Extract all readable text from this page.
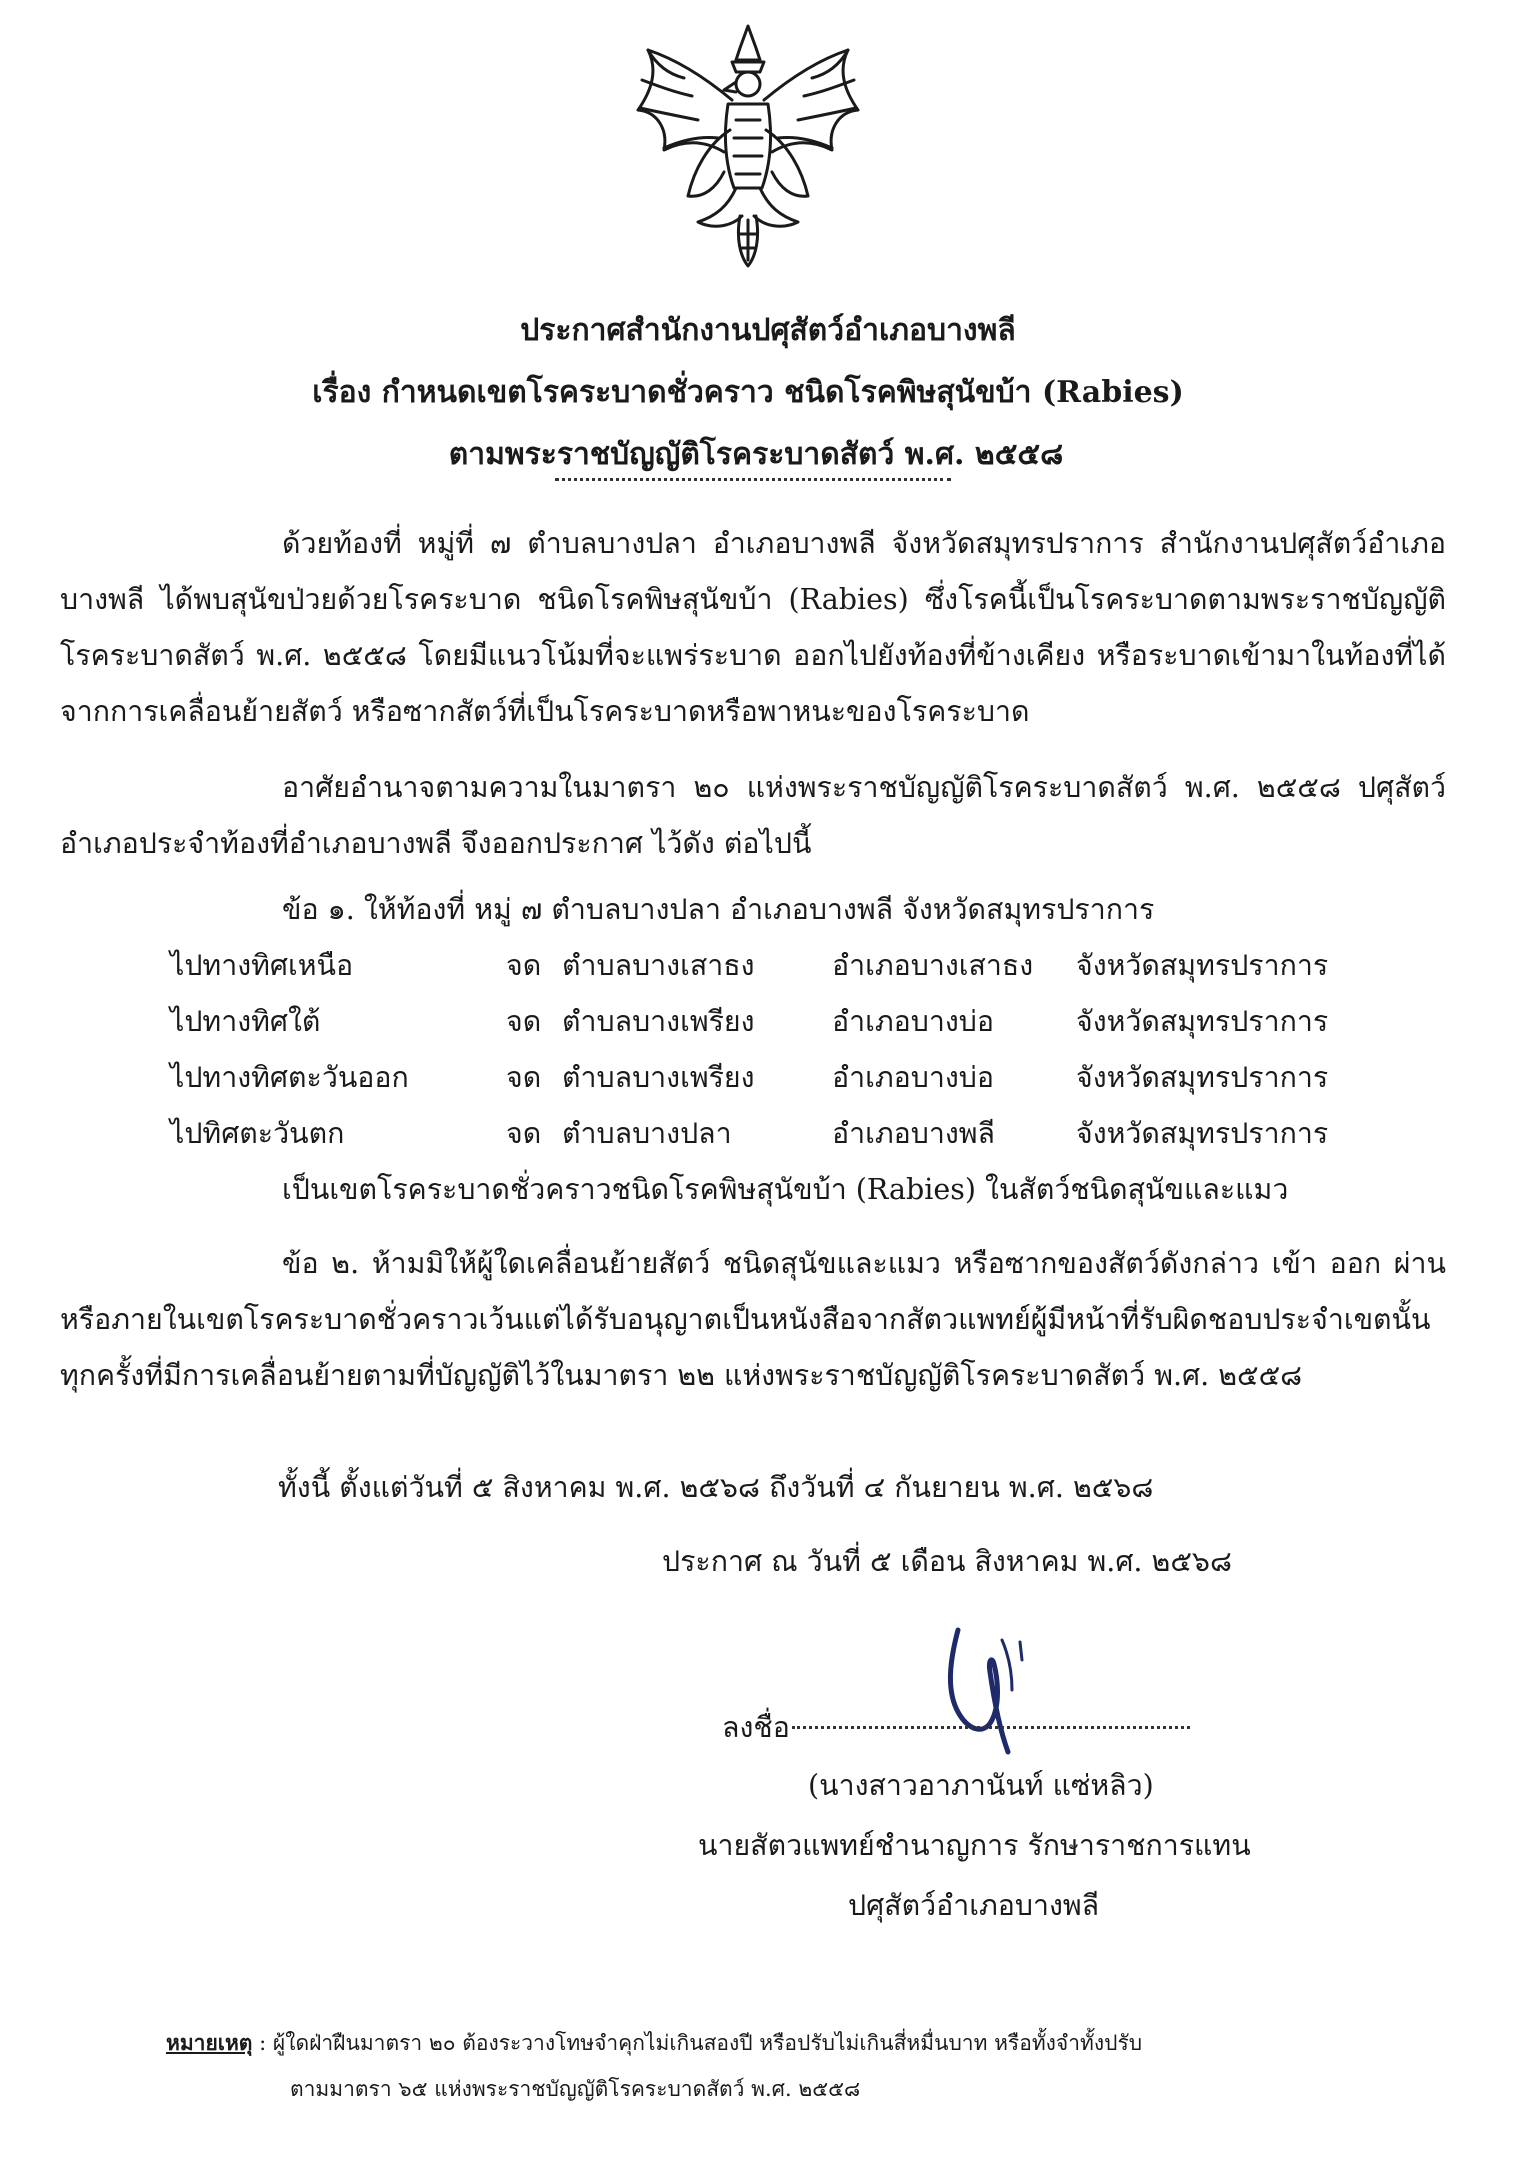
ประกาศสำนักงานปศุสัตว์อำเภอบางพลี
เรื่อง กำหนดเขตโรคระบาดชั่วคราว ชนิดโรคพิษสุนัขบ้า (Rabies)
ตามพระราชบัญญัติโรคระบาดสัตว์ พ.ศ. ๒๕๕๘
ด้วยท้องที่ หมู่ที่ ๗ ตำบลบางปลา อำเภอบางพลี จังหวัดสมุทรปราการ สำนักงานปศุสัตว์อำเภอบางพลี ได้พบสุนัขป่วยด้วยโรคระบาด ชนิดโรคพิษสุนัขบ้า (Rabies) ซึ่งโรคนี้เป็นโรคระบาดตามพระราชบัญญัติโรคระบาดสัตว์ พ.ศ. ๒๕๕๘ โดยมีแนวโน้มที่จะแพร่ระบาด ออกไปยังท้องที่ข้างเคียง หรือระบาดเข้ามาในท้องที่ได้จากการเคลื่อนย้ายสัตว์ หรือซากสัตว์ที่เป็นโรคระบาดหรือพาหนะของโรคระบาด
อาศัยอำนาจตามความในมาตรา ๒๐ แห่งพระราชบัญญัติโรคระบาดสัตว์ พ.ศ. ๒๕๕๘ ปศุสัตว์อำเภอประจำท้องที่อำเภอบางพลี จึงออกประกาศ ไว้ดัง ต่อไปนี้
ข้อ ๑. ให้ท้องที่ หมู่ ๗ ตำบลบางปลา อำเภอบางพลี จังหวัดสมุทรปราการ
ไปทางทิศเหนือ	จด ตำบลบางเสาธง	อำเภอบางเสาธง จังหวัดสมุทรปราการ
ไปทางทิศใต้	จด ตำบลบางเพรียง	อำเภอบางบ่อ	จังหวัดสมุทรปราการ
ไปทางทิศตะวันออก	จด ตำบลบางเพรียง	อำเภอบางบ่อ	จังหวัดสมุทรปราการ
ไปทิศตะวันตก	จด ตำบลบางปลา	อำเภอบางพลี	จังหวัดสมุทรปราการ
เป็นเขตโรคระบาดชั่วคราวชนิดโรคพิษสุนัขบ้า (Rabies) ในสัตว์ชนิดสุนัขและแมว
ข้อ ๒. ห้ามมิให้ผู้ใดเคลื่อนย้ายสัตว์ ชนิดสุนัขและแมว หรือซากของสัตว์ดังกล่าว เข้า ออก ผ่าน หรือภายในเขตโรคระบาดชั่วคราวเว้นแต่ได้รับอนุญาตเป็นหนังสือจากสัตวแพทย์ผู้มีหน้าที่รับผิดชอบประจำเขตนั้นทุกครั้งที่มีการเคลื่อนย้ายตามที่บัญญัติไว้ในมาตรา ๒๒ แห่งพระราชบัญญัติโรคระบาดสัตว์ พ.ศ. ๒๕๕๘
ทั้งนี้ ตั้งแต่วันที่ ๕ สิงหาคม พ.ศ. ๒๕๖๘ ถึงวันที่ ๔ กันยายน พ.ศ. ๒๕๖๘
ประกาศ ณ วันที่ ๕ เดือน สิงหาคม พ.ศ. ๒๕๖๘
ลงชื่อ
(นางสาวอาภานันท์ แซ่หลิว)
นายสัตวแพทย์ชำนาญการ รักษาราชการแทน
ปศุสัตว์อำเภอบางพลี
หมายเหตุ : ผู้ใดฝ่าฝืนมาตรา ๒๐ ต้องระวางโทษจำคุกไม่เกินสองปี หรือปรับไม่เกินสี่หมื่นบาท หรือทั้งจำทั้งปรับ
ตามมาตรา ๖๕ แห่งพระราชบัญญัติโรคระบาดสัตว์ พ.ศ. ๒๕๕๘
